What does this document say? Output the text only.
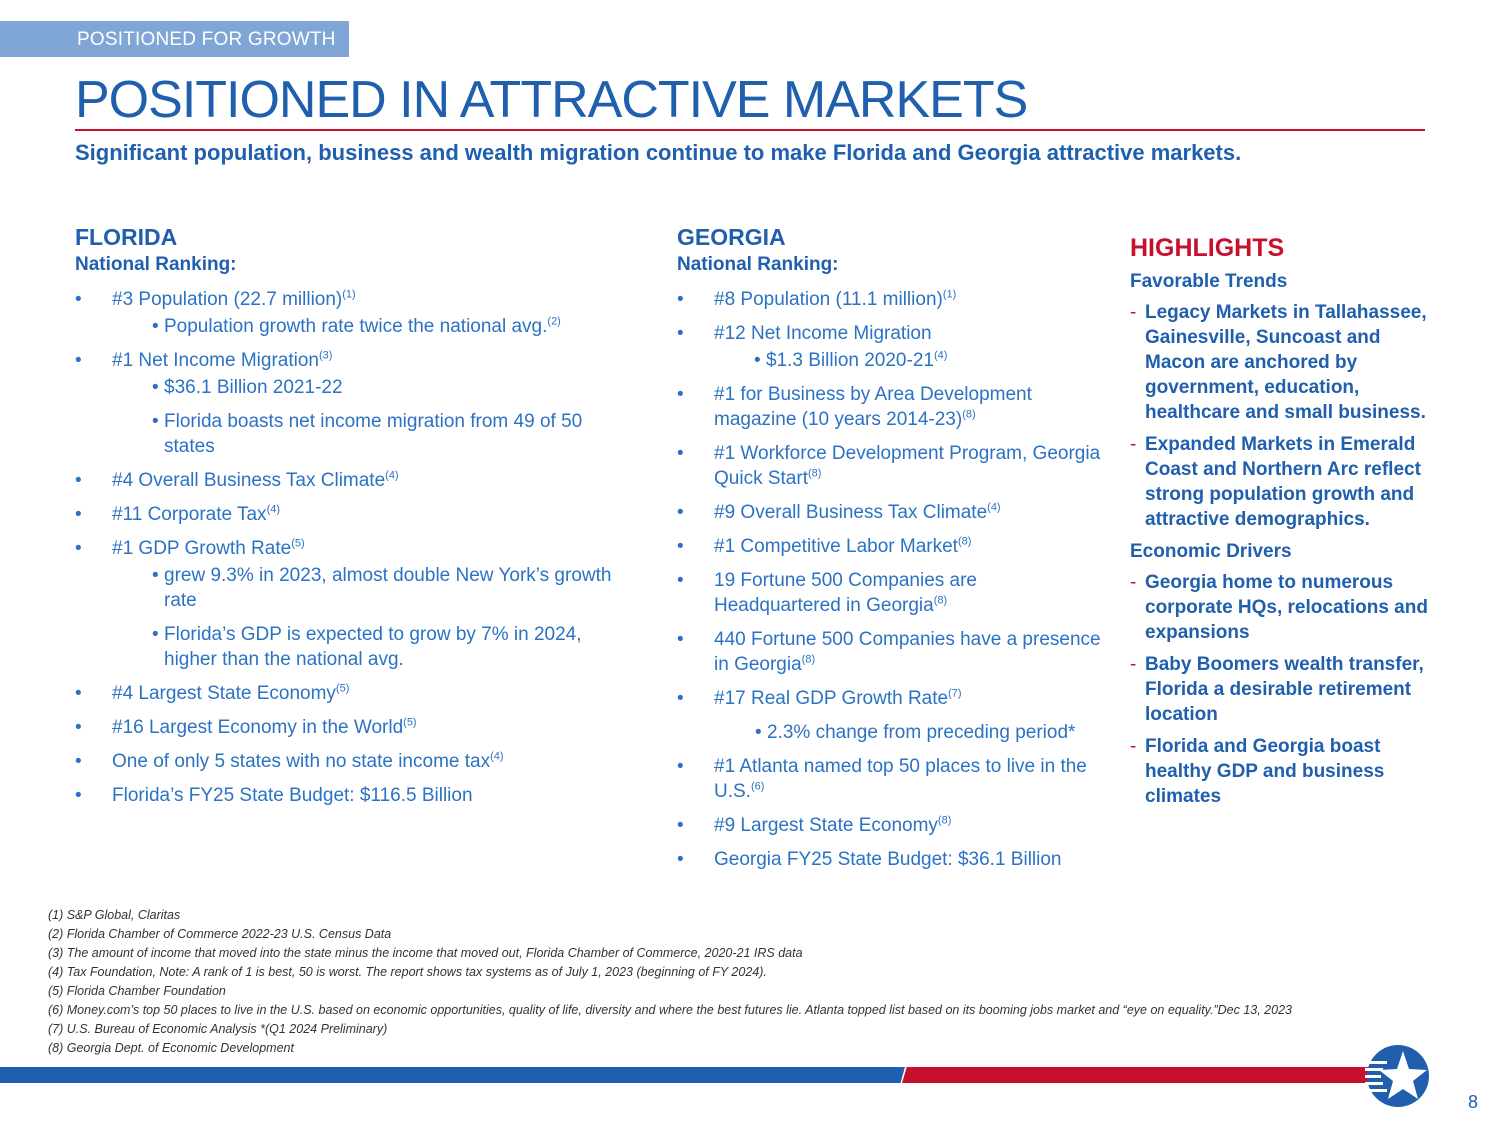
POSITIONED FOR GROWTH
POSITIONED IN ATTRACTIVE MARKETS
Significant population, business and wealth migration continue to make Florida and Georgia attractive markets.
FLORIDA
National Ranking:
• #3 Population (22.7 million)$^{(1)}$
• Population growth rate twice the national avg.$^{(2)}$
• #1 Net Income Migration$^{(3)}$
• $36.1 Billion 2021-22
• Florida boasts net income migration from 49 of 50 states
• #4 Overall Business Tax Climate$^{(4)}$
• #11 Corporate Tax$^{(4)}$
• #1 GDP Growth Rate$^{(5)}$
• grew 9.3% in 2023, almost double New York’s growth rate
• Florida’s GDP is expected to grow by 7% in 2024, higher than the national avg.
• #4 Largest State Economy$^{(5)}$
• #16 Largest Economy in the World$^{(5)}$
• One of only 5 states with no state income tax$^{(4)}$
• Florida’s FY25 State Budget: $116.5 Billion
GEORGIA
National Ranking:
• #8 Population (11.1 million)$^{(1)}$
• #12 Net Income Migration
• $1.3 Billion 2020-21$^{(4)}$
• #1 for Business by Area Development magazine (10 years 2014-23)$^{(8)}$
• #1 Workforce Development Program, Georgia Quick Start$^{(8)}$
• #9 Overall Business Tax Climate$^{(4)}$
• #1 Competitive Labor Market$^{(8)}$
• 19 Fortune 500 Companies are Headquartered in Georgia$^{(8)}$
• 440 Fortune 500 Companies have a presence in Georgia$^{(8)}$
• #17 Real GDP Growth Rate$^{(7)}$
• 2.3% change from preceding period*
• #1 Atlanta named top 50 places to live in the U.S.$^{(6)}$
• #9 Largest State Economy$^{(8)}$
• Georgia FY25 State Budget: $36.1 Billion
HIGHLIGHTS
Favorable Trends
- Legacy Markets in Tallahassee, Gainesville, Suncoast and Macon are anchored by government, education, healthcare and small business.
- Expanded Markets in Emerald Coast and Northern Arc reflect strong population growth and attractive demographics.
Economic Drivers
- Georgia home to numerous corporate HQs, relocations and expansions
- Baby Boomers wealth transfer, Florida a desirable retirement location
- Florida and Georgia boast healthy GDP and business climates

(1) S&P Global, Claritas

(2) Florida Chamber of Commerce 2022-23 U.S. Census Data

(3) The amount of income that moved into the state minus the income that moved out, Florida Chamber of Commerce, 2020-21 IRS data

(4) Tax Foundation, Note: A rank of 1 is best, 50 is worst. The report shows tax systems as of July 1, 2023 (beginning of FY 2024).

(5) Florida Chamber Foundation

(6) Money.com’s top 50 places to live in the U.S. based on economic opportunities, quality of life, diversity and where the best futures lie. Atlanta topped list based on its booming jobs market and “eye on equality.”Dec 13, 2023

(7) U.S. Bureau of Economic Analysis *(Q1 2024 Preliminary)

(8) Georgia Dept. of Economic Development

8
